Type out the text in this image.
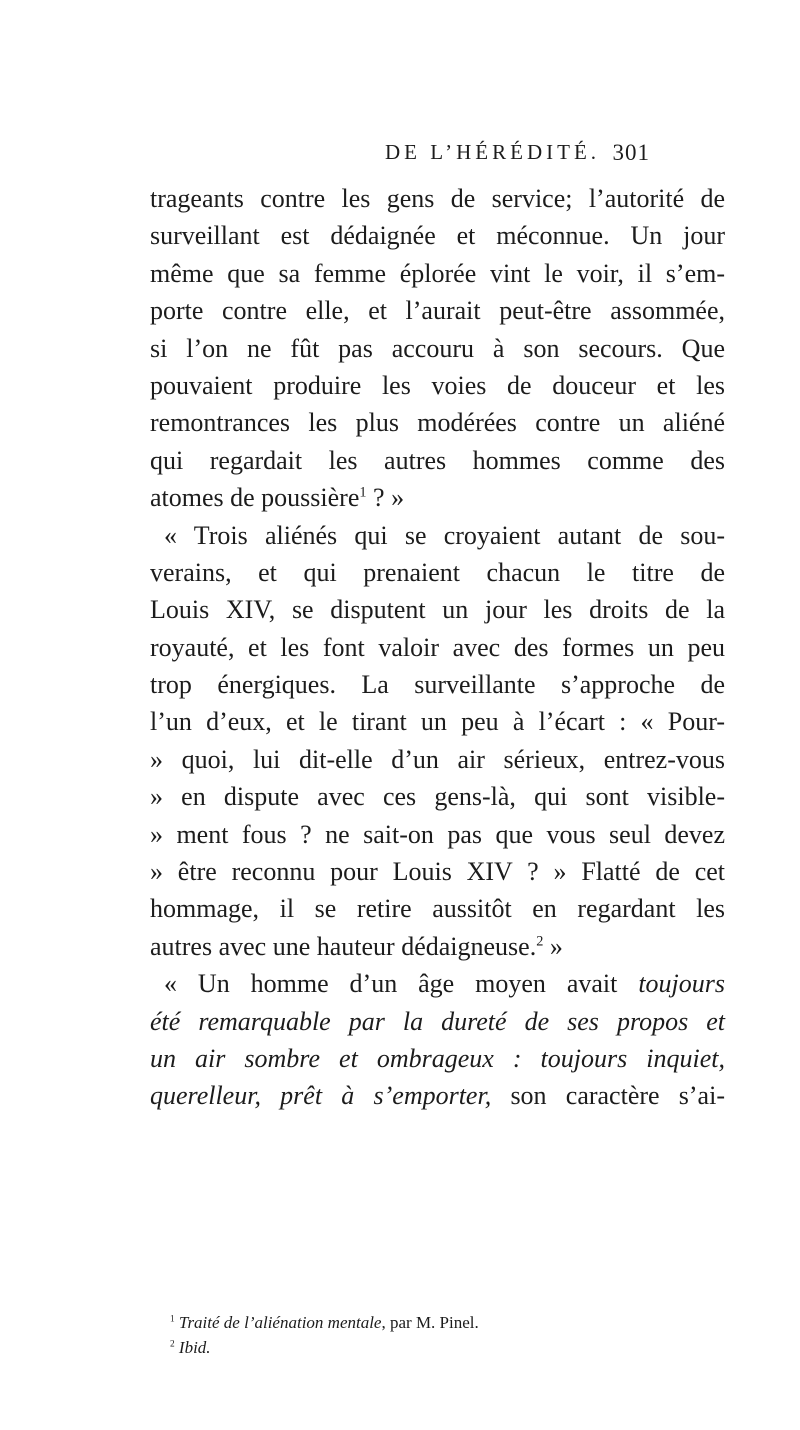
DE L’HÉRÉDITÉ. 301
trageants contre les gens de service; l’autorité de
surveillant est dédaignée et méconnue. Un jour
même que sa femme éplorée vint le voir, il s’em-
porte contre elle, et l’aurait peut-être assommée,
si l’on ne fût pas accouru à son secours. Que
pouvaient produire les voies de douceur et les
remontrances les plus modérées contre un aliéné
qui regardait les autres hommes comme des
atomes de poussière$^1$ ? »
« Trois aliénés qui se croyaient autant de sou-
verains, et qui prenaient chacun le titre de
Louis XIV, se disputent un jour les droits de la
royauté, et les font valoir avec des formes un peu
trop énergiques. La surveillante s’approche de
l’un d’eux, et le tirant un peu à l’écart : « Pour-
» quoi, lui dit-elle d’un air sérieux, entrez-vous
» en dispute avec ces gens-là, qui sont visible-
» ment fous ? ne sait-on pas que vous seul devez
» être reconnu pour Louis XIV ? » Flatté de cet
hommage, il se retire aussitôt en regardant les
autres avec une hauteur dédaigneuse.$^2$ »
« Un homme d’un âge moyen avait toujours
été remarquable par la dureté de ses propos et
un air sombre et ombrageux : toujours inquiet,
querelleur, prêt à s’emporter, son caractère s’ai-
$^1$ Traité de l’aliénation mentale, par M. Pinel.
$^2$ Ibid.
